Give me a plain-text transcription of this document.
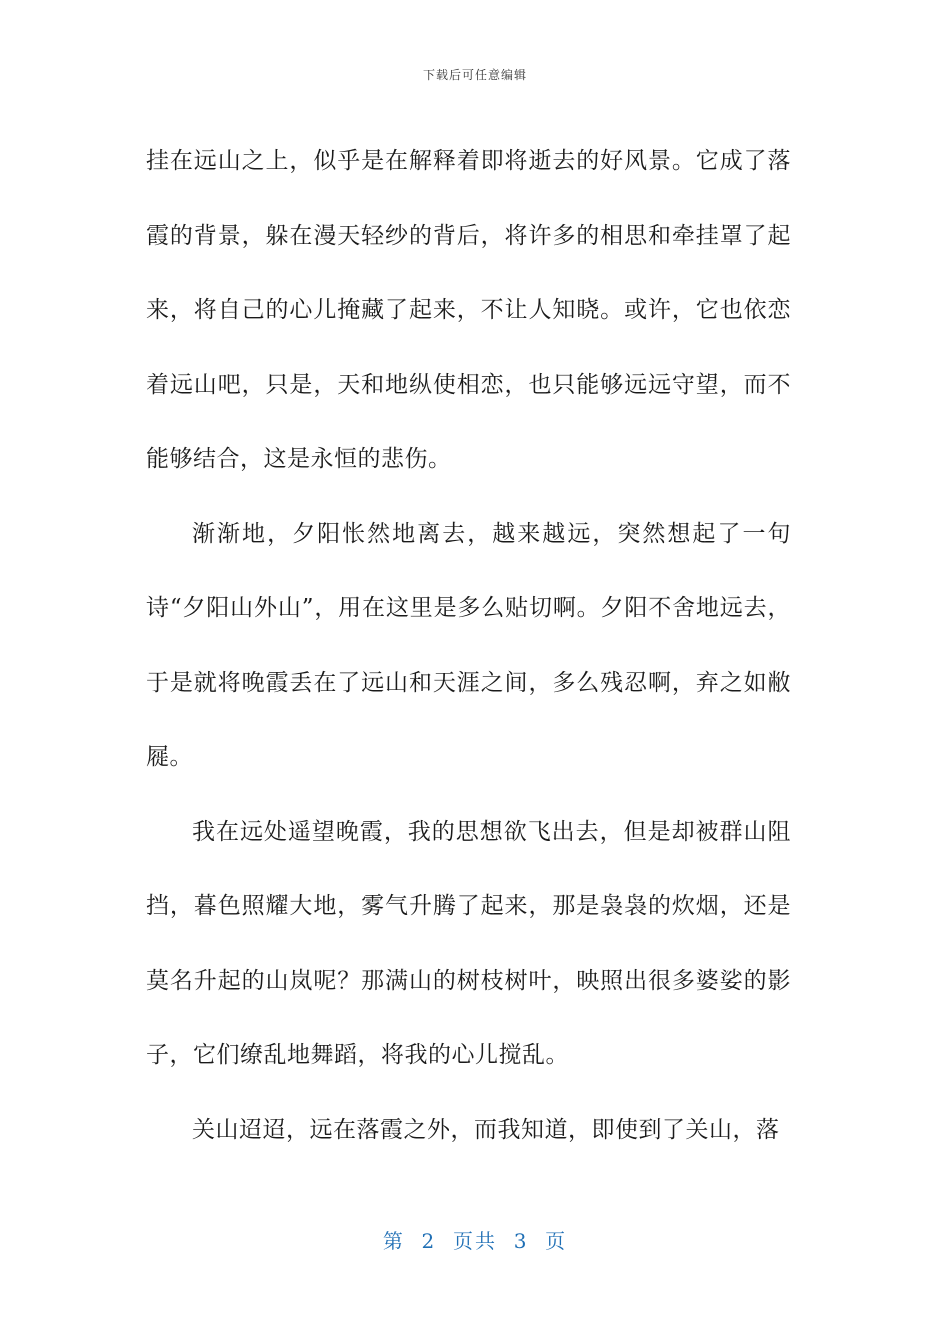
下载后可任意编辑

挂在远山之上，似乎是在解释着即将逝去的好风景。它成了落霞的背景，躲在漫天轻纱的背后，将许多的相思和牵挂罩了起来，将自己的心儿掩藏了起来，不让人知晓。或许，它也依恋着远山吧，只是，天和地纵使相恋，也只能够远远守望，而不能够结合，这是永恒的悲伤。

渐渐地，夕阳怅然地离去，越来越远，突然想起了一句诗“夕阳山外山”，用在这里是多么贴切啊。夕阳不舍地远去，于是就将晚霞丢在了远山和天涯之间，多么残忍啊，弃之如敝屣。

我在远处遥望晚霞，我的思想欲飞出去，但是却被群山阻挡，暮色照耀大地，雾气升腾了起来，那是袅袅的炊烟，还是莫名升起的山岚呢？那满山的树枝树叶，映照出很多婆娑的影子，它们缭乱地舞蹈，将我的心儿搅乱。

关山迢迢，远在落霞之外，而我知道，即使到了关山，落

第  2  页共  3  页
